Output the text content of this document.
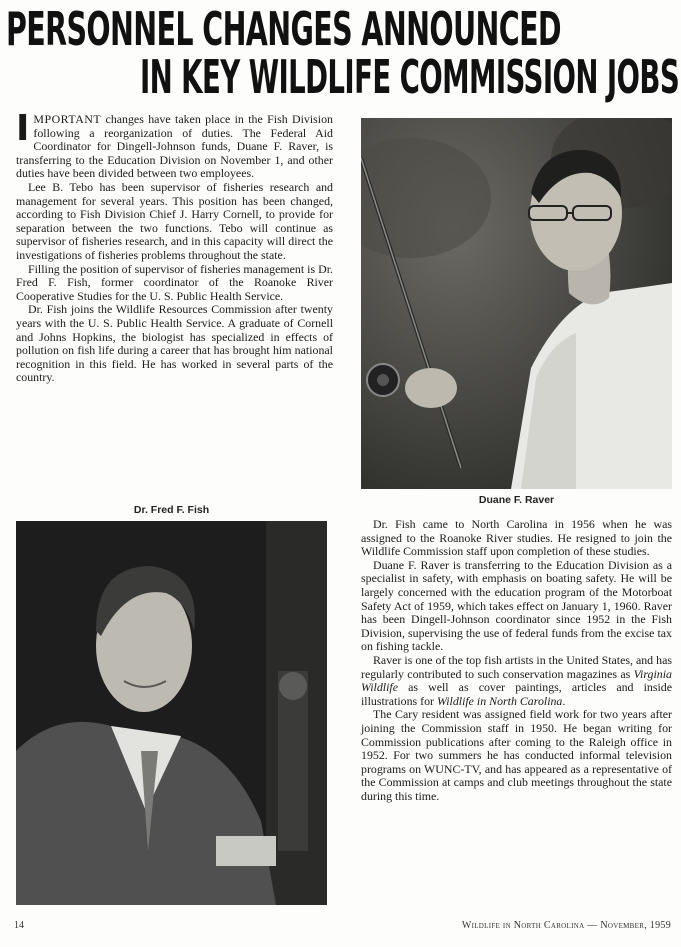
PERSONNEL CHANGES ANNOUNCED
IN KEY WILDLIFE COMMISSION JOBS

IMPORTANT changes have taken place in the Fish Division following a reorganization of duties. The Federal Aid Coordinator for Dingell-Johnson funds, Duane F. Raver, is transferring to the Education Division on November 1, and other duties have been divided between two employees.

Lee B. Tebo has been supervisor of fisheries research and management for several years. This position has been changed, according to Fish Division Chief J. Harry Cornell, to provide for separation between the two functions. Tebo will continue as supervisor of fisheries research, and in this capacity will direct the investigations of fisheries problems throughout the state.

Filling the position of supervisor of fisheries management is Dr. Fred F. Fish, former coordinator of the Roanoke River Cooperative Studies for the U. S. Public Health Service.

Dr. Fish joins the Wildlife Resources Commission after twenty years with the U. S. Public Health Service. A graduate of Cornell and Johns Hopkins, the biologist has specialized in effects of pollution on fish life during a career that has brought him national recognition in this field. He has worked in several parts of the country.

Duane F. Raver
Dr. Fred F. Fish

Dr. Fish came to North Carolina in 1956 when he was assigned to the Roanoke River studies. He resigned to join the Wildlife Commission staff upon completion of these studies.

Duane F. Raver is transferring to the Education Division as a specialist in safety, with emphasis on boating safety. He will be largely concerned with the education program of the Motorboat Safety Act of 1959, which takes effect on January 1, 1960. Raver has been Dingell-Johnson coordinator since 1952 in the Fish Division, supervising the use of federal funds from the excise tax on fishing tackle.

Raver is one of the top fish artists in the United States, and has regularly contributed to such conservation magazines as Virginia Wildlife as well as cover paintings, articles and inside illustrations for Wildlife in North Carolina.

The Cary resident was assigned field work for two years after joining the Commission staff in 1950. He began writing for Commission publications after coming to the Raleigh office in 1952. For two summers he has conducted informal television programs on WUNC-TV, and has appeared as a representative of the Commission at camps and club meetings throughout the state during this time.

14	Wildlife in North Carolina — November, 1959
